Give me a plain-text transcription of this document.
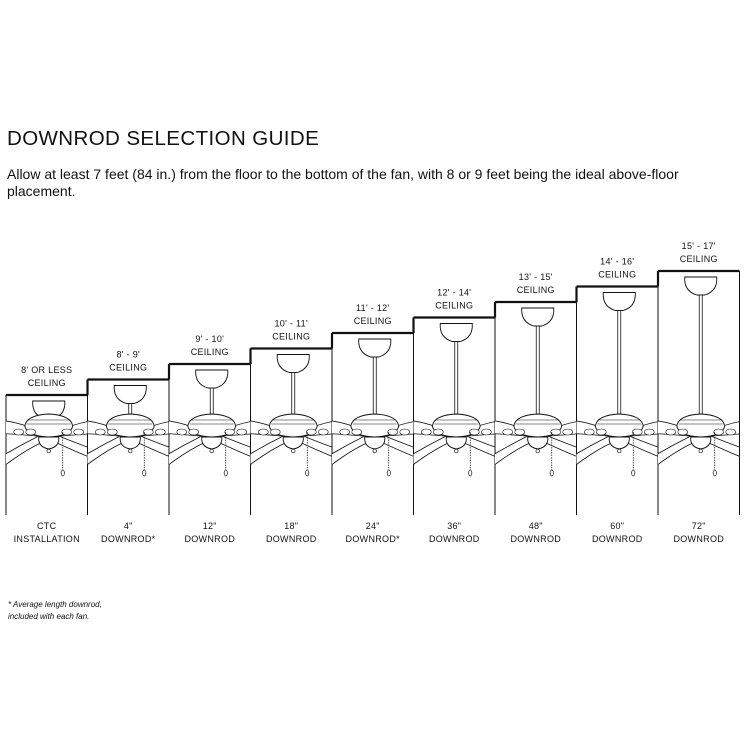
DOWNROD SELECTION GUIDE

Allow at least 7 feet (84 in.) from the floor to the bottom of the fan, with 8 or 9 feet being the ideal above-floor placement.

8' OR LESS
CEILING
CTC
INSTALLATION
8' - 9'
CEILING
4"
DOWNROD*
9' - 10'
CEILING
12"
DOWNROD
10' - 11'
CEILING
18"
DOWNROD
11' - 12'
CEILING
24"
DOWNROD*
12' - 14'
CEILING
36"
DOWNROD
13' - 15'
CEILING
48"
DOWNROD
14' - 16'
CEILING
60"
DOWNROD
15' - 17'
CEILING
72"
DOWNROD
* Average length downrod,
included with each fan.
